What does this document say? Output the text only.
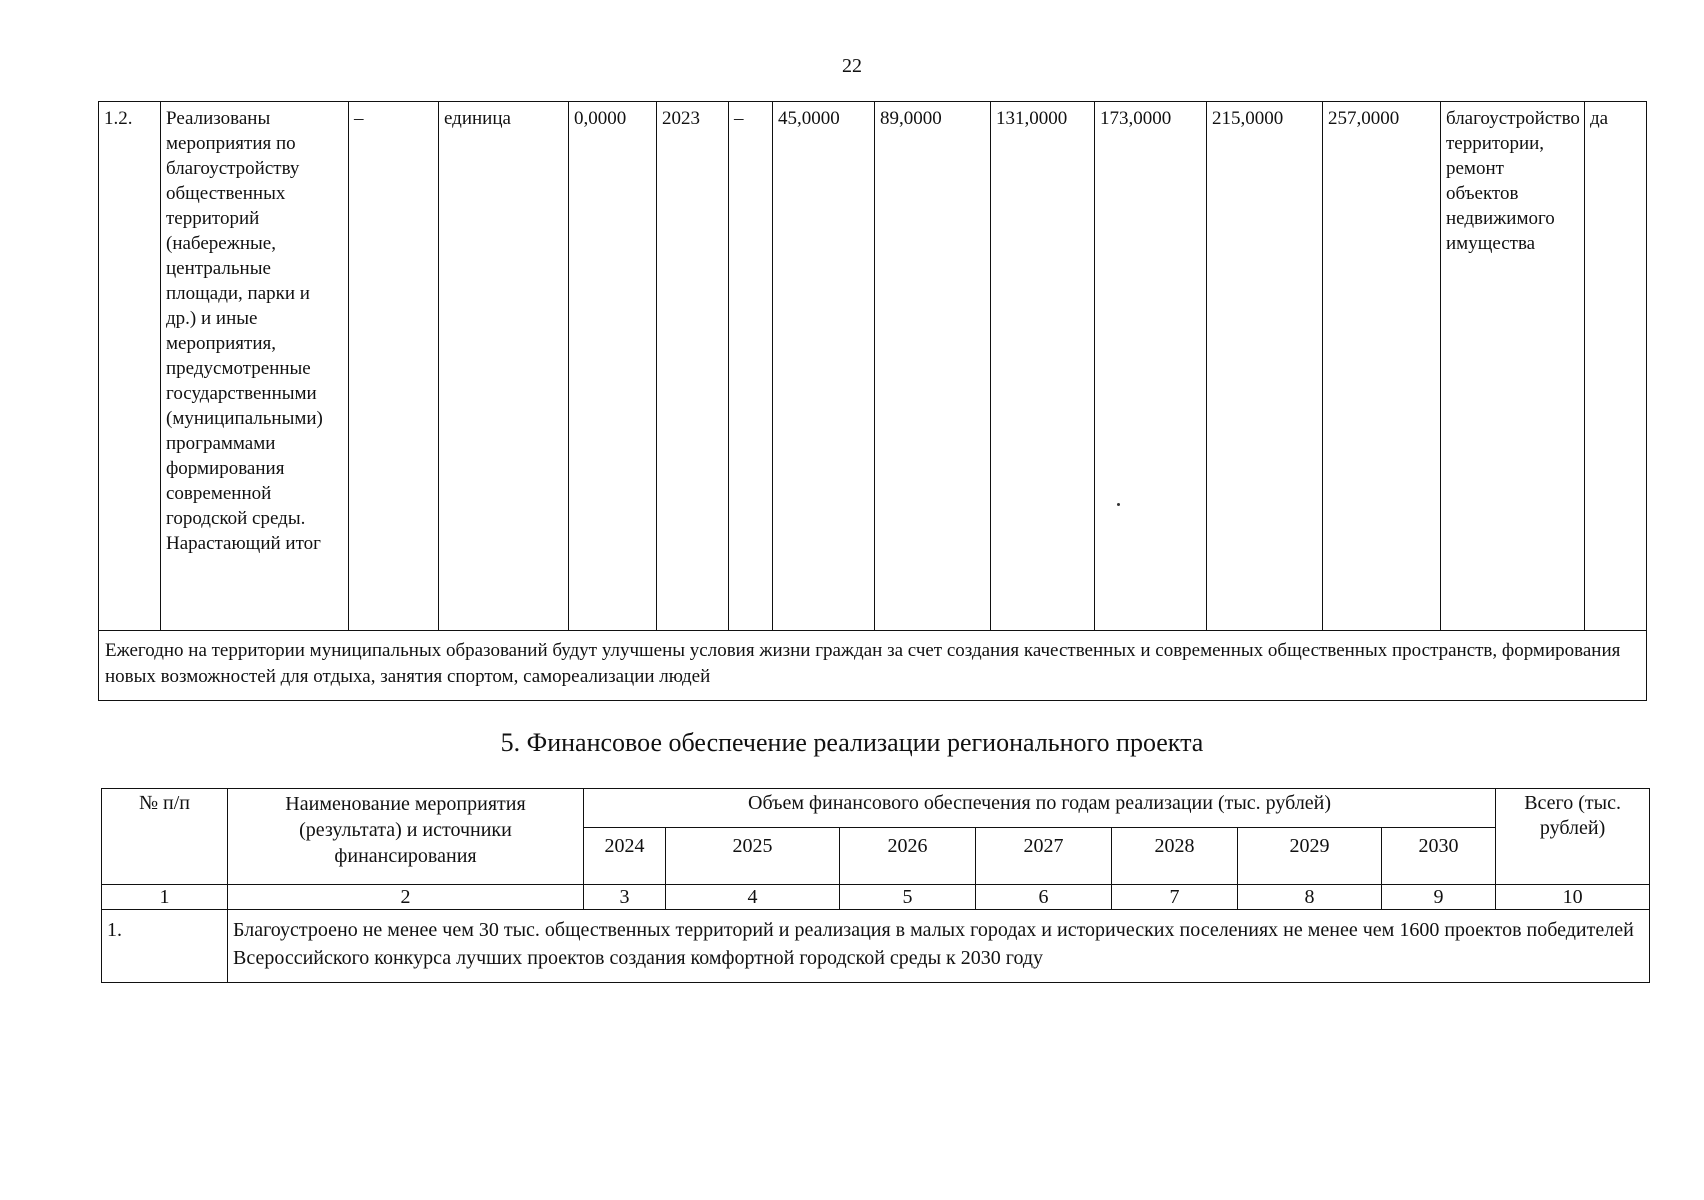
22
1.2.	Реализованы мероприятия по благоустройству общественных территорий (набережные, центральные площади, парки и др.) и иные мероприятия, предусмотренные государственными (муниципальными) программами формирования современной городской среды. Нарастающий итог	–	единица	0,0000	2023	–	45,0000	89,0000	131,0000	173,0000	215,0000	257,0000	благоустройство территории, ремонт объектов недвижимого имущества	да
Ежегодно на территории муниципальных образований будут улучшены условия жизни граждан за счет создания качественных и современных общественных пространств, формирования новых возможностей для отдыха, занятия спортом, самореализации людей
5. Финансовое обеспечение реализации регионального проекта
№ п/п	Наименование мероприятия (результата) и источники финансирования	Объем финансового обеспечения по годам реализации (тыс. рублей)							Всего (тыс. рублей)
		2024	2025	2026	2027	2028	2029	2030	
1	2	3	4	5	6	7	8	9	10
1.	Благоустроено не менее чем 30 тыс. общественных территорий и реализация в малых городах и исторических поселениях не менее чем 1600 проектов победителей Всероссийского конкурса лучших проектов создания комфортной городской среды к 2030 году								
